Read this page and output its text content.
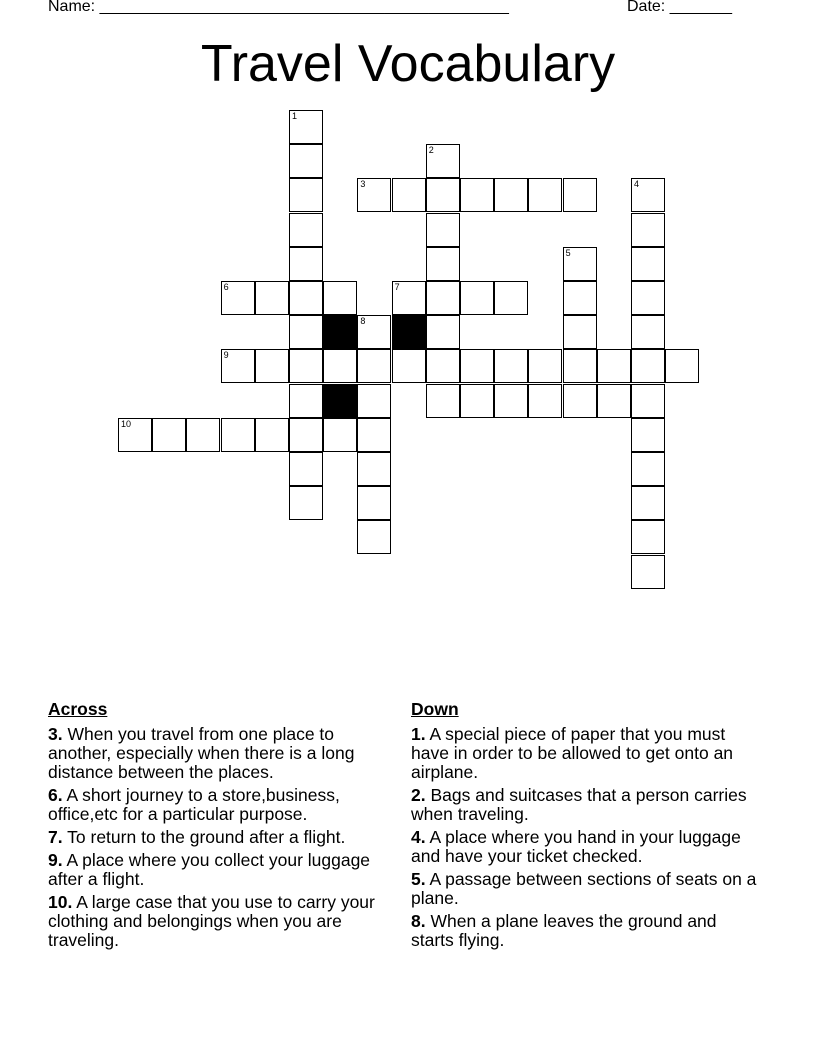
Name: ______________________________________________	Date: _______
Travel Vocabulary
1
2
3	4
5
6	7
8
9
10
Across
3. When you travel from one place to another, especially when there is a long distance between the places.
6. A short journey to a store,business, office,etc for a particular purpose.
7. To return to the ground after a flight.
9. A place where you collect your luggage after a flight.
10. A large case that you use to carry your clothing and belongings when you are traveling.
Down
1. A special piece of paper that you must have in order to be allowed to get onto an airplane.
2. Bags and suitcases that a person carries when traveling.
4. A place where you hand in your luggage and have your ticket checked.
5. A passage between sections of seats on a plane.
8. When a plane leaves the ground and starts flying.
